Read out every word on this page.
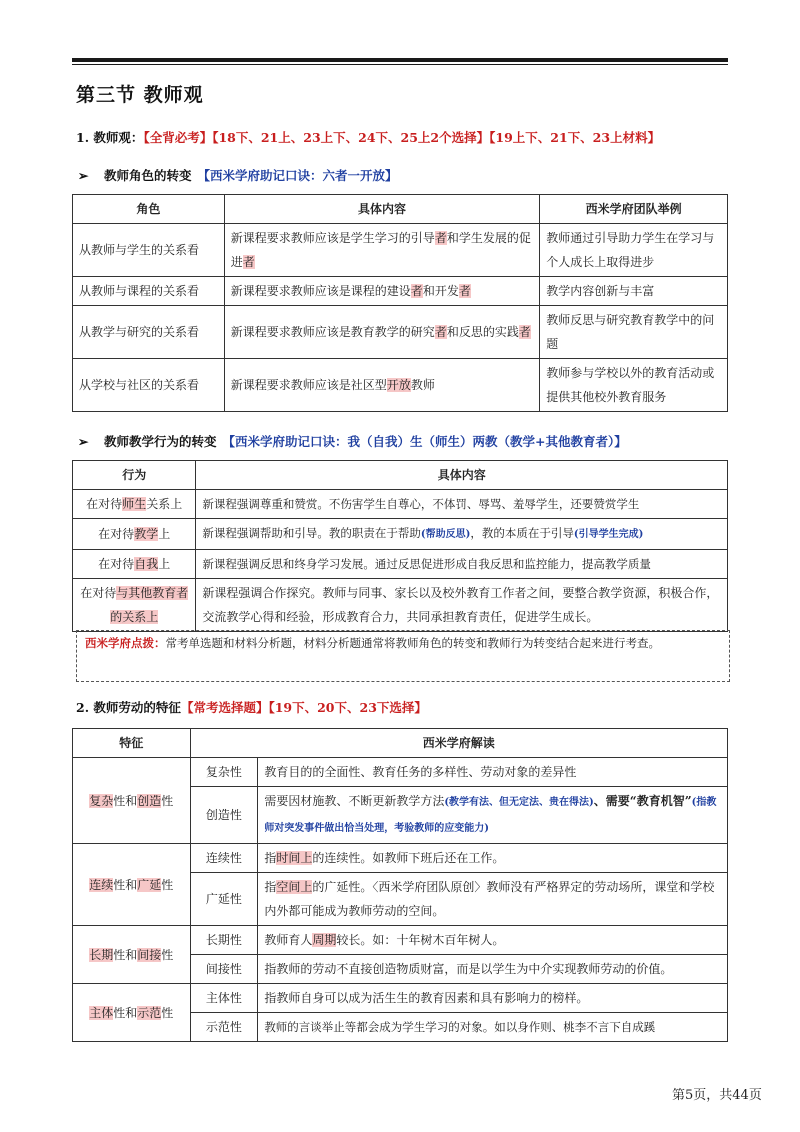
第三节 教师观
1. 教师观：【全背必考】【18下、21上、23上下、24下、25上2个选择】【19上下、21下、23上材料】
➢ 教师角色的转变 【西米学府助记口诀：六者一开放】
角色	具体内容	西米学府团队举例
从教师与学生的关系看	新课程要求教师应该是学生学习的引导者和学生发展的促进者	教师通过引导助力学生在学习与个人成长上取得进步
从教师与课程的关系看	新课程要求教师应该是课程的建设者和开发者	教学内容创新与丰富
从教学与研究的关系看	新课程要求教师应该是教育教学的研究者和反思的实践者	教师反思与研究教育教学中的问题
从学校与社区的关系看	新课程要求教师应该是社区型开放教师	教师参与学校以外的教育活动或提供其他校外教育服务
➢ 教师教学行为的转变 【西米学府助记口诀：我（自我）生（师生）两教（教学+其他教育者）】
行为	具体内容
在对待师生关系上	新课程强调尊重和赞赏。不伤害学生自尊心，不体罚、辱骂、羞辱学生，还要赞赏学生
在对待教学上	新课程强调帮助和引导。教的职责在于帮助(帮助反思)，教的本质在于引导(引导学生完成)
在对待自我上	新课程强调反思和终身学习发展。通过反思促进形成自我反思和监控能力，提高教学质量
在对待与其他教育者的关系上	新课程强调合作探究。教师与同事、家长以及校外教育工作者之间，要整合教学资源，积极合作，交流教学心得和经验，形成教育合力，共同承担教育责任，促进学生成长。
西米学府点拨：常考单选题和材料分析题，材料分析题通常将教师角色的转变和教师行为转变结合起来进行考查。
2. 教师劳动的特征【常考选择题】【19下、20下、23下选择】
特征	西米学府解读	
复杂性和创造性	复杂性	教育目的的全面性、教育任务的多样性、劳动对象的差异性
	创造性	需要因材施教、不断更新教学方法(教学有法、但无定法、贵在得法)、需要“教育机智”(指教师对突发事件做出恰当处理，考验教师的应变能力)
连续性和广延性	连续性	指时间上的连续性。如教师下班后还在工作。
	广延性	指空间上的广延性。〈西米学府团队原创〉教师没有严格界定的劳动场所，课堂和学校内外都可能成为教师劳动的空间。
长期性和间接性	长期性	教师育人周期较长。如：十年树木百年树人。
	间接性	指教师的劳动不直接创造物质财富，而是以学生为中介实现教师劳动的价值。
主体性和示范性	主体性	指教师自身可以成为活生生的教育因素和具有影响力的榜样。
	示范性	教师的言谈举止等都会成为学生学习的对象。如以身作则、桃李不言下自成蹊
第5页，共44页
